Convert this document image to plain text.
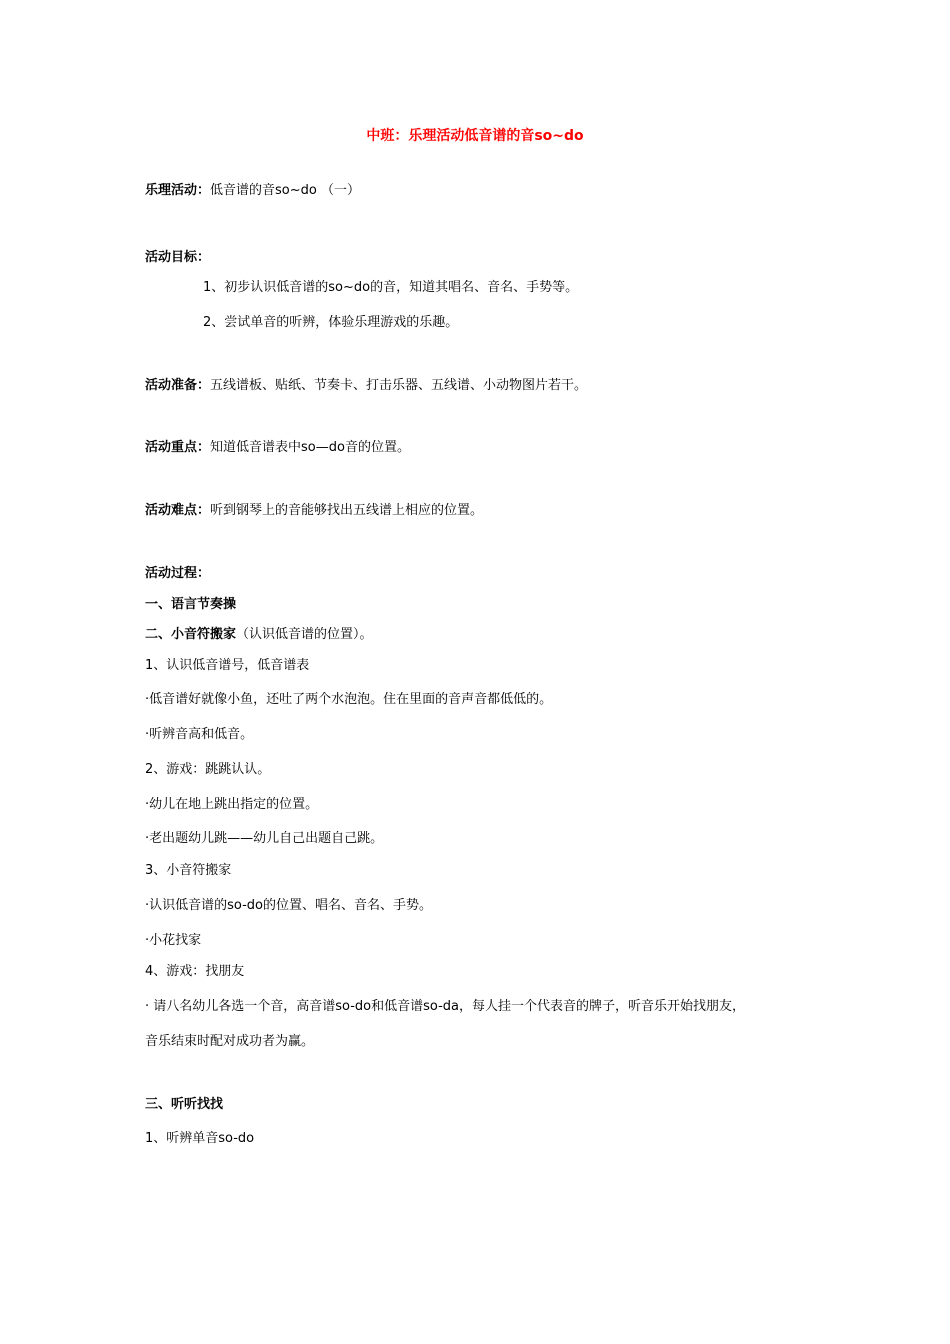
中班：乐理活动低音谱的音so~do
乐理活动：低音谱的音so~do （一）
活动目标：
1、初步认识低音谱的so~do的音，知道其唱名、音名、手势等。
2、尝试单音的听辨，体验乐理游戏的乐趣。
活动准备：五线谱板、贴纸、节奏卡、打击乐器、五线谱、小动物图片若干。
活动重点：知道低音谱表中so—do音的位置。
活动难点：听到钢琴上的音能够找出五线谱上相应的位置。
活动过程：
一、语言节奏操
二、小音符搬家（认识低音谱的位置）。
1、认识低音谱号，低音谱表
·低音谱好就像小鱼，还吐了两个水泡泡。住在里面的音声音都低低的。
·听辨音高和低音。
2、游戏：跳跳认认。
·幼儿在地上跳出指定的位置。
·老出题幼儿跳——幼儿自己出题自己跳。
3、小音符搬家
·认识低音谱的so-do的位置、唱名、音名、手势。
·小花找家
4、游戏：找朋友
· 请八名幼儿各选一个音，高音谱so-do和低音谱so-da，每人挂一个代表音的牌子，听音乐开始找朋友，
音乐结束时配对成功者为赢。
三、听听找找
1、听辨单音so-do
